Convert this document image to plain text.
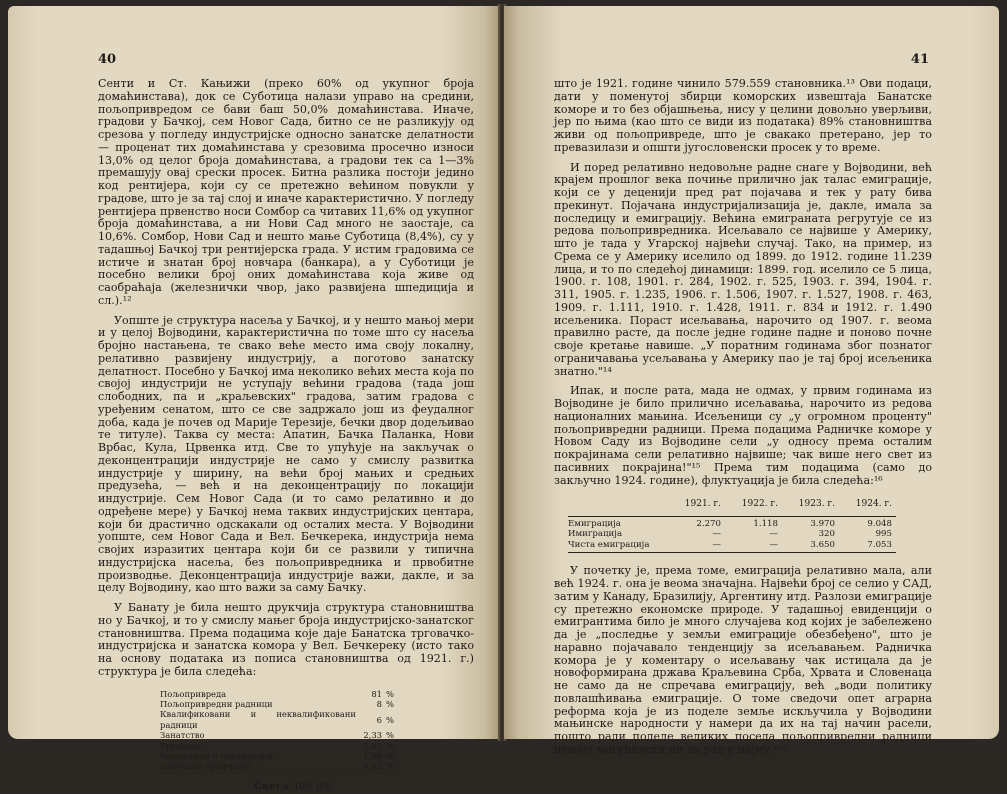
40

Сенти и Ст. Кањижи (преко 60% од укупног броја домаћинстава), док се Суботица налази управо на средини, пољопривредом се бави баш 50,0% домаћинстава. Иначе, градови у Бачкој, сем Новог Сада, битно се не разликују од срезова у погледу индустријске односно занатске делатности — проценат тих домаћинстава у срезовима просечно износи 13,0% од целог броја домаћинстава, а градови тек са 1—3% премашују овај срески просек. Битна разлика постоји једино код рентијера, који су се претежно већином повукли у градове, што је за тај слој и иначе карактеристично. У погледу рентијера првенство носи Сомбор са читавих 11,6% од укупног броја домаћинстава, а ни Нови Сад много не заостаје, са 10,6%. Сомбор, Нови Сад и нешто мање Суботица (8,4%), су у тадашњој Бачкој три рентијерска града. У истим градовима се истиче и знатан број новчара (банкара), а у Суботици је посебно велики број оних домаћинстава која живе од саобраћаја (железнички чвор, јако развијена шпедиција и сл.).¹²

Уопште је структура насеља у Бачкој, и у нешто мањој мери и у целој Војводини, карактеристична по томе што су насеља бројно настањена, те свако веће место има своју локалну, релативно развијену индустрију, а поготово занатску делатност. Посебно у Бачкој има неколико већих места која по својој индустрији не уступају већини градова (тада још слободних, па и „краљевских" градова, затим градова с уређеним сенатом, што се све задржало још из феудалног доба, када је почев од Марије Терезије, бечки двор додељивао те титуле). Таква су места: Апатин, Бачка Паланка, Нови Врбас, Кула, Црвенка итд. Све то упућује на закључак о деконцентрацији индустрије не само у смислу развитка индустрије у ширину, на већи број мањих и средњих предузећа, — већ и на деконцентрацију по локацији индустрије. Сем Новог Сада (и то само релативно и до одређене мере) у Бачкој нема таквих индустријских центара, који би драстично одскакали од осталих места. У Војводини уопште, сем Новог Сада и Вел. Бечкерека, индустрија нема својих изразитих центара који би се развили у типична индустријска насеља, без пољопривредника и првобитне производње. Деконцентрација индустрије важи, дакле, и за целу Војводину, као што важи за саму Бачку.

У Банату је била нешто друкчија структура становништва но у Бачкој, и то у смислу мањег броја индустријско-занатског становништва. Према подацима које даје Банатска трговачко-индустријска и занатска комора у Вел. Бечкереку (исто тако на основу података из пописа становништва од 1921. г.) структура је била следећа:

Пољопривреда	81	%
Пољопривредни радници	8	%
Квалификовани и неквалификовани радници	6	%
Занатство	2,33	%
Трговина	1,05	%
Чиновници и пензионери	1,00	%
Слободне професије	0,62	%
Свега 100, 0%
41

што је 1921. године чинило 579.559 становника.¹³ Ови подаци, дати у поменутој збирци коморских извештаја Банатске коморе и то без објашњења, нису у целини довољно уверљиви, јер по њима (као што се види из података) 89% становништва живи од пољопривреде, што је свакако претерано, јер то превазилази и општи југословенски просек у то време.

И поред релативно недовољне радне снаге у Војводини, већ крајем прошлог века почиње прилично јак талас емиграције, који се у деценији пред рат појачава и тек у рату бива прекинут. Појачана индустријализација је, дакле, имала за последицу и емиграцију. Већина емиграната регрутује се из редова пољопривредника. Исељавало се највише у Америку, што је тада у Угарској највећи случај. Тако, на пример, из Срема се у Америку иселило од 1899. до 1912. године 11.239 лица, и то по следећој динамици: 1899. год. иселило се 5 лица, 1900. г. 108, 1901. г. 284, 1902. г. 525, 1903. г. 394, 1904. г. 311, 1905. г. 1.235, 1906. г. 1.506, 1907. г. 1.527, 1908. г. 463, 1909. г. 1.111, 1910. г. 1.428, 1911. г. 834 и 1912. г. 1.490 исељеника. Пораст исељавања, нарочито од 1907. г. веома правилно расте, да после једне године падне и поново почне своје кретање навише. „У поратним годинама због познатог ограничавања усељавања у Америку пао је тај број исељеника знатно."¹⁴

Ипак, и после рата, мада не одмах, у првим годинама из Војводине је било прилично исељавања, нарочито из редова националних мањина. Исељеници су „у огромном проценту" пољопривредни радници. Према подацима Радничке коморе у Новом Саду из Војводине сели „у односу према осталим покрајинама сели релативно највише; чак више него свет из пасивних покрајина!"¹⁵ Према тим подацима (само до закључно 1924. године), флуктуација је била следећа:¹⁶

	1921. г.	1922. г.	1923. г.	1924. г.
Емиграција	2.270	1.118	3.970	9.048
Имиграција	—	—	320	995
Чиста емиграција	—	—	3.650	7.053

У почетку је, према томе, емиграција релативно мала, али већ 1924. г. она је веома значајна. Највећи број се селио у САД, затим у Канаду, Бразилију, Аргентину итд. Разлози емиграције су претежно економске природе. У тадашњој евиденцији о емигрантима било је много случајева код којих је забележено да је „последње у земљи емиграције обезбеђено", што је наравно појачавало тенденцију за исељавањем. Радничка комора је у коментару о исељавању чак истицала да је новоформирана држава Краљевина Срба, Хрвата и Словенаца не само да не спречава емиграцију, већ „води политику повлашћивања емиграције. О томе сведочи опет аграрна реформа која је из поделе земље искључила у Војводини мањинске народности у намери да их на тај начин расели, пошто ради поделе великих поседа пољопривредни радници немају могућности ни за рад у најму."¹⁷
